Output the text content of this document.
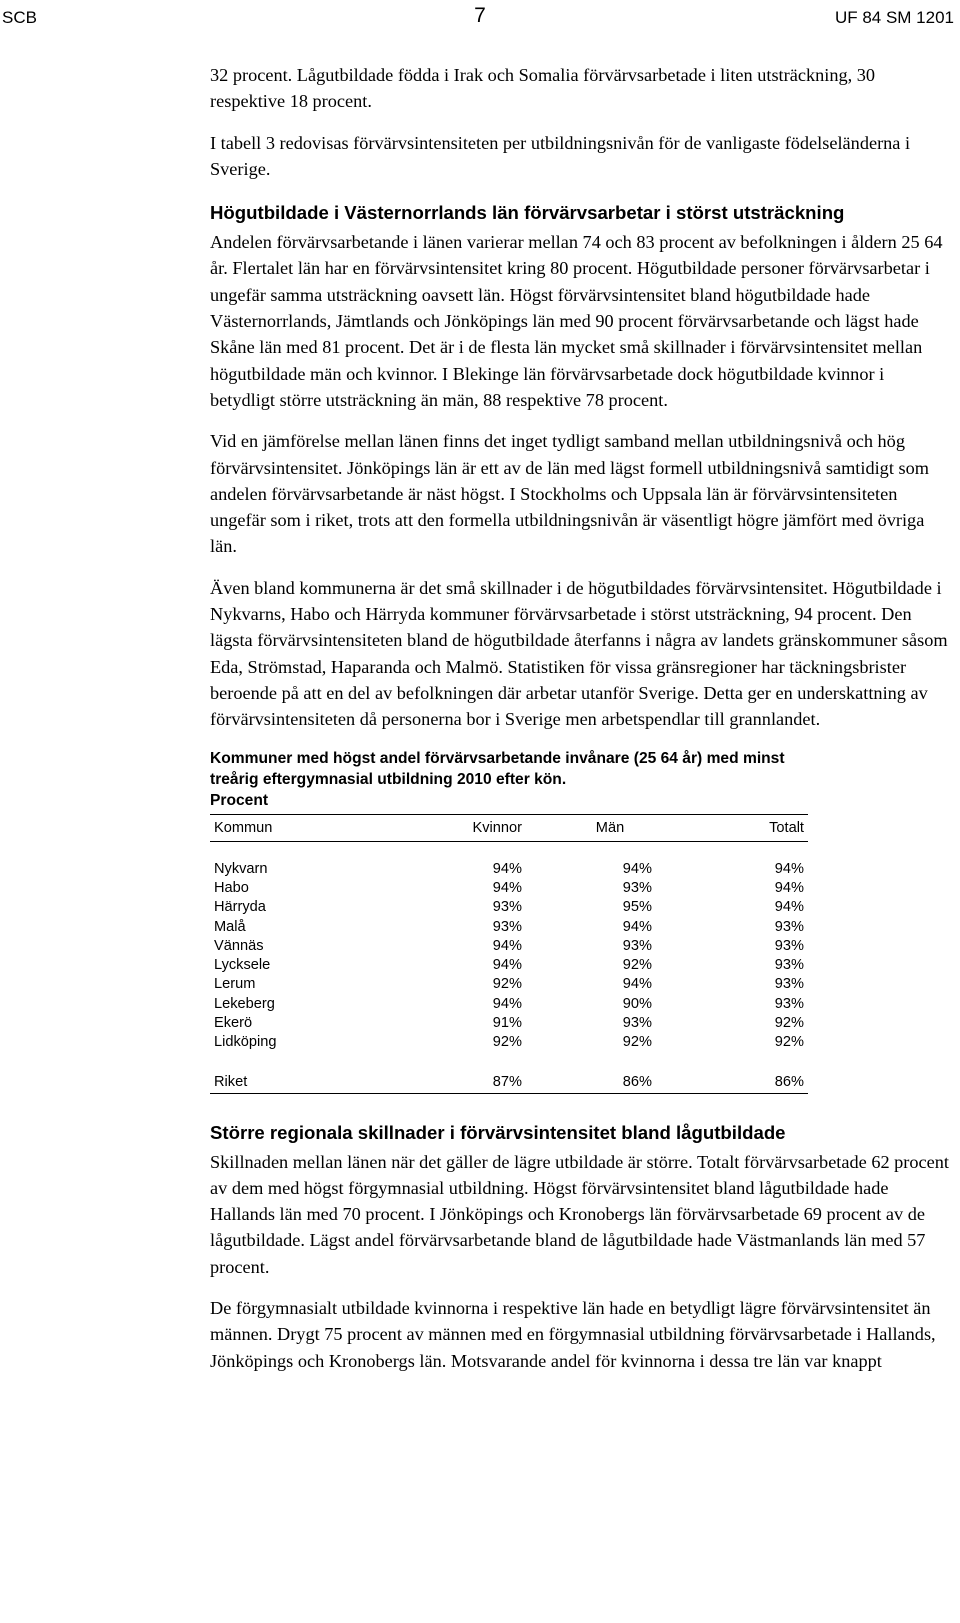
SCB	7	UF 84 SM 1201

32 procent. Lågutbildade födda i Irak och Somalia förvärvsarbetade i liten utsträckning, 30 respektive 18 procent.

I tabell 3 redovisas förvärvsintensiteten per utbildningsnivån för de vanligaste födelseländerna i Sverige.

Högutbildade i Västernorrlands län förvärvsarbetar i störst utsträckning

Andelen förvärvsarbetande i länen varierar mellan 74 och 83 procent av befolkningen i åldern 25 64 år. Flertalet län har en förvärvsintensitet kring 80 procent. Högutbildade personer förvärvsarbetar i ungefär samma utsträckning oavsett län. Högst förvärvsintensitet bland högutbildade hade Västernorrlands, Jämtlands och Jönköpings län med 90 procent förvärvsarbetande och lägst hade Skåne län med 81 procent. Det är i de flesta län mycket små skillnader i förvärvsintensitet mellan högutbildade män och kvinnor. I Blekinge län förvärvsarbetade dock högutbildade kvinnor i betydligt större utsträckning än män, 88 respektive 78 procent.

Vid en jämförelse mellan länen finns det inget tydligt samband mellan utbildningsnivå och hög förvärvsintensitet. Jönköpings län är ett av de län med lägst formell utbildningsnivå samtidigt som andelen förvärvsarbetande är näst högst. I Stockholms och Uppsala län är förvärvsintensiteten ungefär som i riket, trots att den formella utbildningsnivån är väsentligt högre jämfört med övriga län.

Även bland kommunerna är det små skillnader i de högutbildades förvärvsintensitet. Högutbildade i Nykvarns, Habo och Härryda kommuner förvärvsarbetade i störst utsträckning, 94 procent. Den lägsta förvärvsintensiteten bland de högutbildade återfanns i några av landets gränskommuner såsom Eda, Strömstad, Haparanda och Malmö. Statistiken för vissa gränsregioner har täckningsbrister beroende på att en del av befolkningen där arbetar utanför Sverige. Detta ger en underskattning av förvärvsintensiteten då personerna bor i Sverige men arbetspendlar till grannlandet.

Kommuner med högst andel förvärvsarbetande invånare (25 64 år) med minst treårig eftergymnasial utbildning 2010 efter kön.
Procent
Kommun	Kvinnor	Män	Totalt

Nykvarn	94%	94%	94%
Habo	94%	93%	94%
Härryda	93%	95%	94%
Malå	93%	94%	93%
Vännäs	94%	93%	93%
Lycksele	94%	92%	93%
Lerum	92%	94%	93%
Lekeberg	94%	90%	93%
Ekerö	91%	93%	92%
Lidköping	92%	92%	92%

Riket	87%	86%	86%
Större regionala skillnader i förvärvsintensitet bland lågutbildade

Skillnaden mellan länen när det gäller de lägre utbildade är större. Totalt förvärvsarbetade 62 procent av dem med högst förgymnasial utbildning. Högst förvärvsintensitet bland lågutbildade hade Hallands län med 70 procent. I Jönköpings och Kronobergs län förvärvsarbetade 69 procent av de lågutbildade. Lägst andel förvärvsarbetande bland de lågutbildade hade Västmanlands län med 57 procent.

De förgymnasialt utbildade kvinnorna i respektive län hade en betydligt lägre förvärvsintensitet än männen. Drygt 75 procent av männen med en förgymnasial utbildning förvärvsarbetade i Hallands, Jönköpings och Kronobergs län. Motsvarande andel för kvinnorna i dessa tre län var knappt
